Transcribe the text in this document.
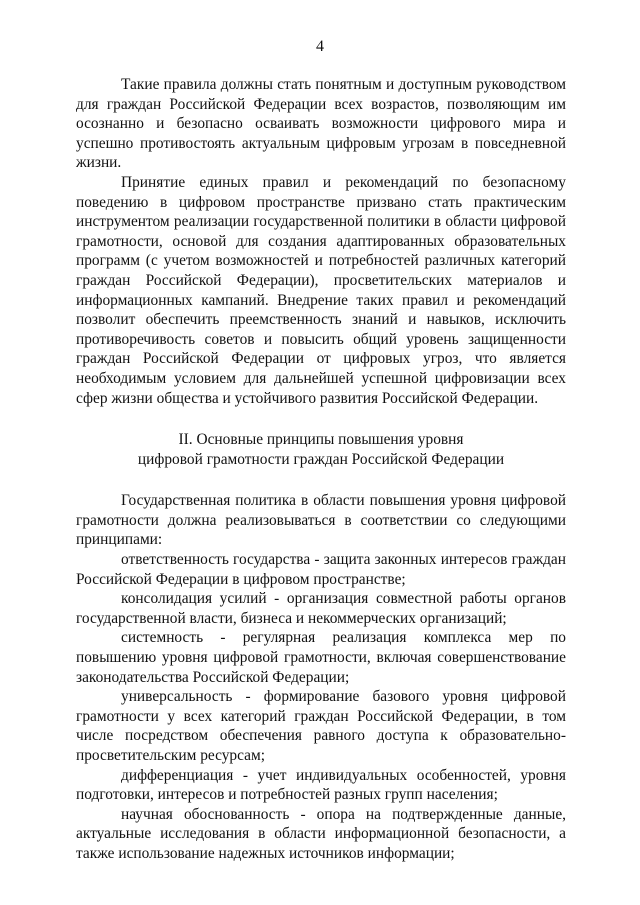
4

Такие правила должны стать понятным и доступным руководством для граждан Российской Федерации всех возрастов, позволяющим им осознанно и безопасно осваивать возможности цифрового мира и успешно противостоять актуальным цифровым угрозам в повседневной жизни.

Принятие единых правил и рекомендаций по безопасному поведению в цифровом пространстве призвано стать практическим инструментом реализации государственной политики в области цифровой грамотности, основой для создания адаптированных образовательных программ (с учетом возможностей и потребностей различных категорий граждан Российской Федерации), просветительских материалов и информационных кампаний. Внедрение таких правил и рекомендаций позволит обеспечить преемственность знаний и навыков, исключить противоречивость советов и повысить общий уровень защищенности граждан Российской Федерации от цифровых угроз, что является необходимым условием для дальнейшей успешной цифровизации всех сфер жизни общества и устойчивого развития Российской Федерации.

II. Основные принципы повышения уровня
цифровой грамотности граждан Российской Федерации

Государственная политика в области повышения уровня цифровой грамотности должна реализовываться в соответствии со следующими принципами:

ответственность государства - защита законных интересов граждан Российской Федерации в цифровом пространстве;

консолидация усилий - организация совместной работы органов государственной власти, бизнеса и некоммерческих организаций;

системность - регулярная реализация комплекса мер по повышению уровня цифровой грамотности, включая совершенствование законодательства Российской Федерации;

универсальность - формирование базового уровня цифровой грамотности у всех категорий граждан Российской Федерации, в том числе посредством обеспечения равного доступа к образовательно-просветительским ресурсам;

дифференциация - учет индивидуальных особенностей, уровня подготовки, интересов и потребностей разных групп населения;

научная обоснованность - опора на подтвержденные данные, актуальные исследования в области информационной безопасности, а также использование надежных источников информации;
